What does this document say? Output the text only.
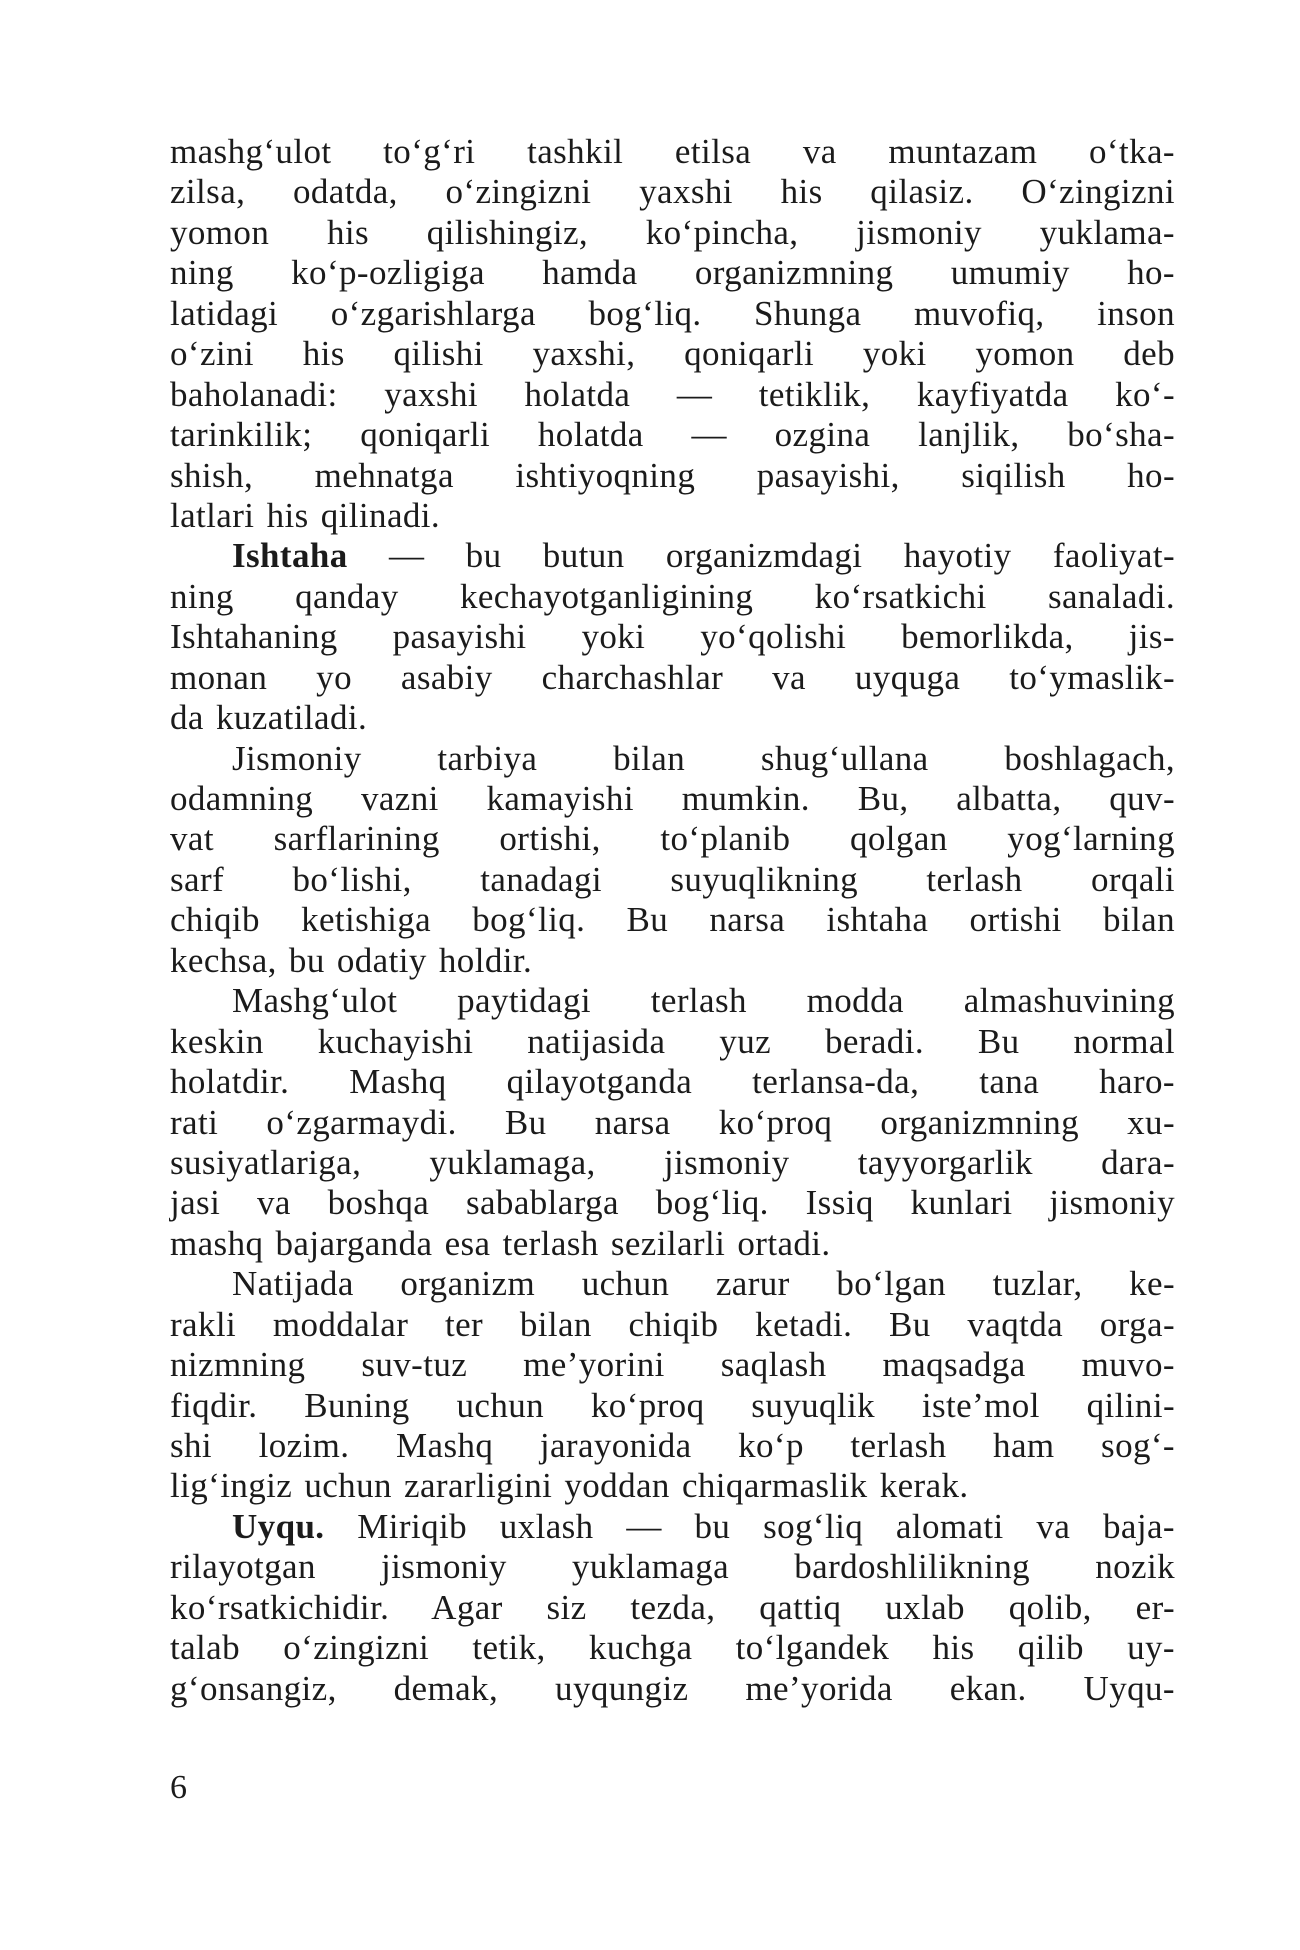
mashg‘ulot to‘g‘ri tashkil etilsa va muntazam o‘tka-
zilsa, odatda, o‘zingizni yaxshi his qilasiz. O‘zingizni
yomon his qilishingiz, ko‘pincha, jismoniy yuklama-
ning ko‘p-ozligiga hamda organizmning umumiy ho-
latidagi o‘zgarishlarga bog‘liq. Shunga muvofiq, inson
o‘zini his qilishi yaxshi, qoniqarli yoki yomon deb
baholanadi: yaxshi holatda — tetiklik, kayfiyatda ko‘-
tarinkilik; qoniqarli holatda — ozgina lanjlik, bo‘sha-
shish, mehnatga ishtiyoqning pasayishi, siqilish ho-
latlari his qilinadi.
Ishtaha — bu butun organizmdagi hayotiy faoliyat-
ning qanday kechayotganligining ko‘rsatkichi sanaladi.
Ishtahaning pasayishi yoki yo‘qolishi bemorlikda, jis-
monan yo asabiy charchashlar va uyquga to‘ymaslik-
da kuzatiladi.
Jismoniy tarbiya bilan shug‘ullana boshlagach,
odamning vazni kamayishi mumkin. Bu, albatta, quv-
vat sarflarining ortishi, to‘planib qolgan yog‘larning
sarf bo‘lishi, tanadagi suyuqlikning terlash orqali
chiqib ketishiga bog‘liq. Bu narsa ishtaha ortishi bilan
kechsa, bu odatiy holdir.
Mashg‘ulot paytidagi terlash modda almashuvining
keskin kuchayishi natijasida yuz beradi. Bu normal
holatdir. Mashq qilayotganda terlansa-da, tana haro-
rati o‘zgarmaydi. Bu narsa ko‘proq organizmning xu-
susiyatlariga, yuklamaga, jismoniy tayyorgarlik dara-
jasi va boshqa sabablarga bog‘liq. Issiq kunlari jismoniy
mashq bajarganda esa terlash sezilarli ortadi.
Natijada organizm uchun zarur bo‘lgan tuzlar, ke-
rakli moddalar ter bilan chiqib ketadi. Bu vaqtda orga-
nizmning suv-tuz me’yorini saqlash maqsadga muvo-
fiqdir. Buning uchun ko‘proq suyuqlik iste’mol qilini-
shi lozim. Mashq jarayonida ko‘p terlash ham sog‘-
lig‘ingiz uchun zararligini yoddan chiqarmaslik kerak.
Uyqu. Miriqib uxlash — bu sog‘liq alomati va baja-
rilayotgan jismoniy yuklamaga bardoshlilikning nozik
ko‘rsatkichidir. Agar siz tezda, qattiq uxlab qolib, er-
talab o‘zingizni tetik, kuchga to‘lgandek his qilib uy-
g‘onsangiz, demak, uyqungiz me’yorida ekan. Uyqu-
6
